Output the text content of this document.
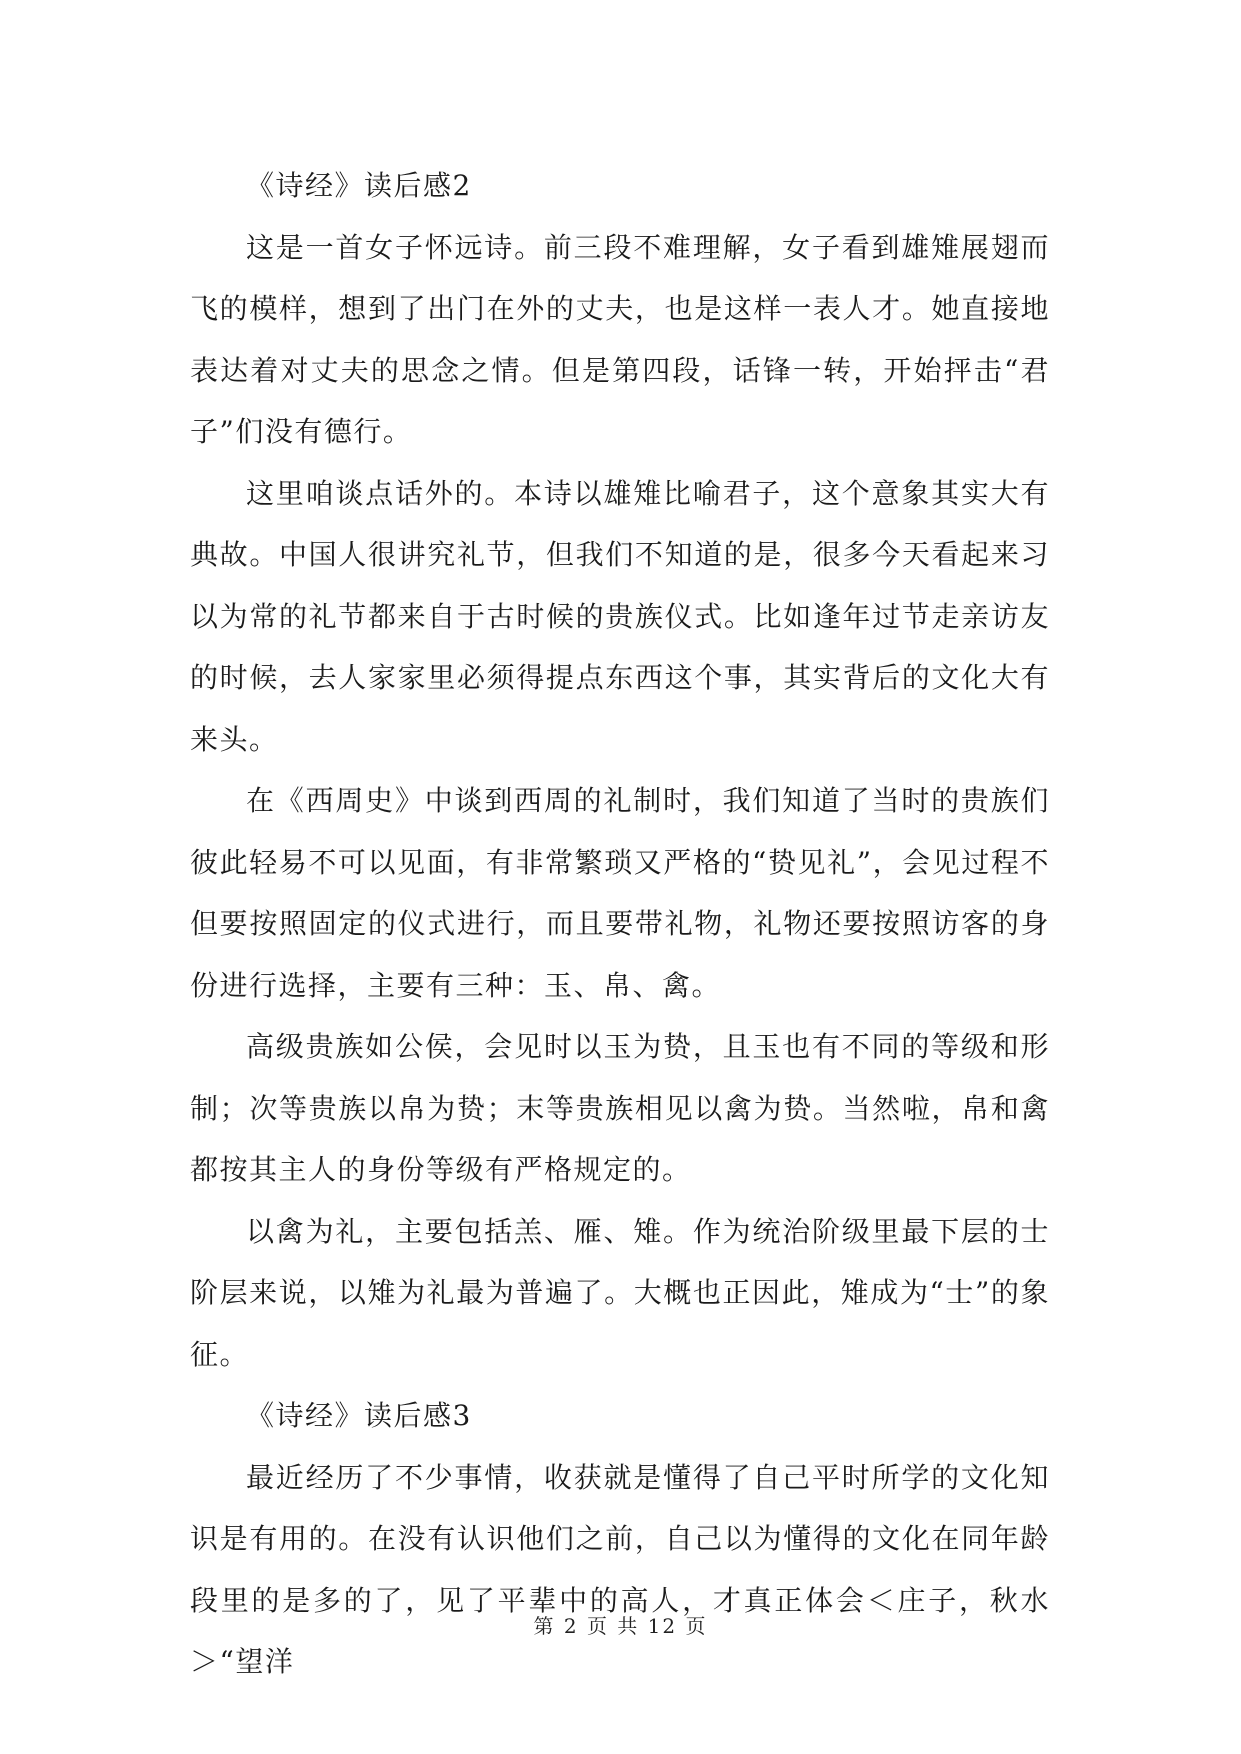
《诗经》读后感2

这是一首女子怀远诗。前三段不难理解，女子看到雄雉展翅而飞的模样，想到了出门在外的丈夫，也是这样一表人才。她直接地表达着对丈夫的思念之情。但是第四段，话锋一转，开始抨击“君子”们没有德行。

这里咱谈点话外的。本诗以雄雉比喻君子，这个意象其实大有典故。中国人很讲究礼节，但我们不知道的是，很多今天看起来习以为常的礼节都来自于古时候的贵族仪式。比如逢年过节走亲访友的时候，去人家家里必须得提点东西这个事，其实背后的文化大有来头。

在《西周史》中谈到西周的礼制时，我们知道了当时的贵族们彼此轻易不可以见面，有非常繁琐又严格的“贽见礼”，会见过程不但要按照固定的仪式进行，而且要带礼物，礼物还要按照访客的身份进行选择，主要有三种：玉、帛、禽。

高级贵族如公侯，会见时以玉为贽，且玉也有不同的等级和形制；次等贵族以帛为贽；末等贵族相见以禽为贽。当然啦，帛和禽都按其主人的身份等级有严格规定的。

以禽为礼，主要包括羔、雁、雉。作为统治阶级里最下层的士阶层来说，以雉为礼最为普遍了。大概也正因此，雉成为“士”的象征。

《诗经》读后感3

最近经历了不少事情，收获就是懂得了自己平时所学的文化知识是有用的。在没有认识他们之前，自己以为懂得的文化在同年龄段里的是多的了，见了平辈中的高人，才真正体会＜庄子，秋水＞“望洋

第 2 页 共 12 页
